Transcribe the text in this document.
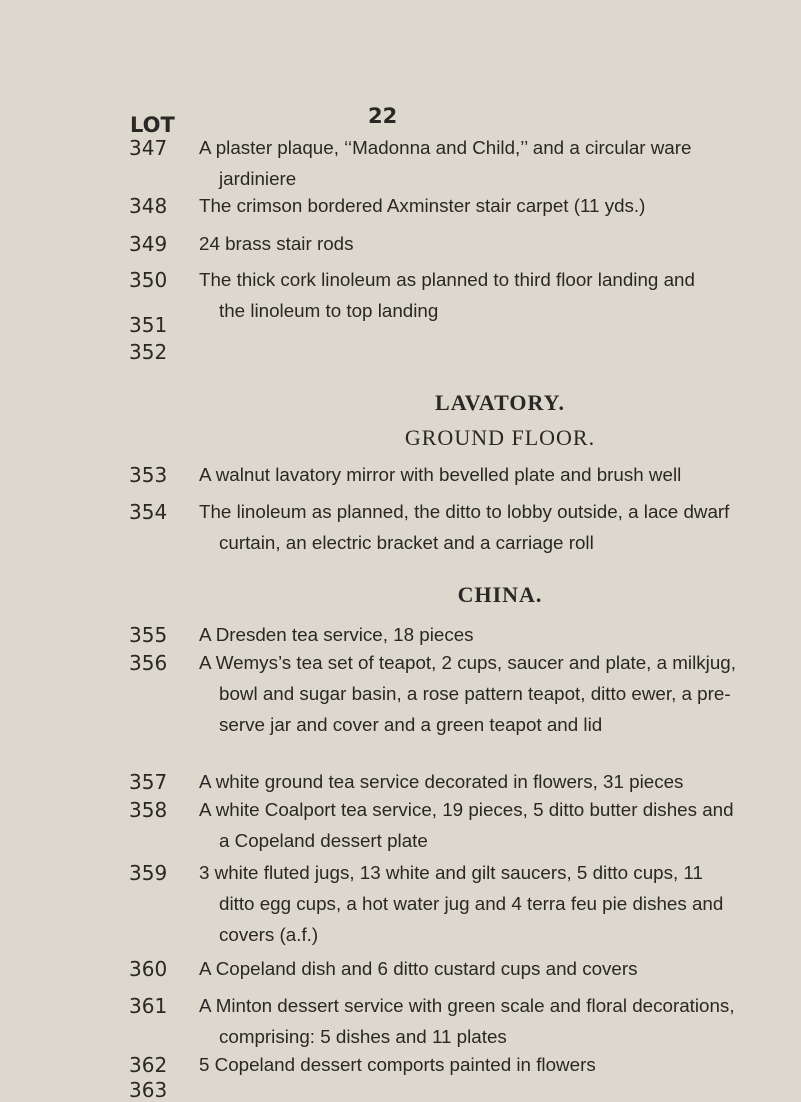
22
LOT
347
348
349
350
351
352
353
354
355
356
357
358
359
360
361
362
363
A plaster plaque, ‘‘Madonna and Child,’’ and a circular ware
jardiniere
The crimson bordered Axminster stair carpet (11 yds.)
24 brass stair rods
The thick cork linoleum as planned to third floor landing and
the linoleum to top landing
LAVATORY.
GROUND FLOOR.
A walnut lavatory mirror with bevelled plate and brush well
The linoleum as planned, the ditto to lobby outside, a lace dwarf
curtain, an electric bracket and a carriage roll
CHINA.
A Dresden tea service, 18 pieces
A Wemys’s tea set of teapot, 2 cups, saucer and plate, a milkjug,
bowl and sugar basin, a rose pattern teapot, ditto ewer, a pre-
serve jar and cover and a green teapot and lid
A white ground tea service decorated in flowers, 31 pieces
A white Coalport tea service, 19 pieces, 5 ditto butter dishes and
a Copeland dessert plate
3 white fluted jugs, 13 white and gilt saucers, 5 ditto cups, 11
ditto egg cups, a hot water jug and 4 terra feu pie dishes and
covers (a.f.)
A Copeland dish and 6 ditto custard cups and covers
A Minton dessert service with green scale and floral decorations,
comprising: 5 dishes and 11 plates
5 Copeland dessert comports painted in flowers
